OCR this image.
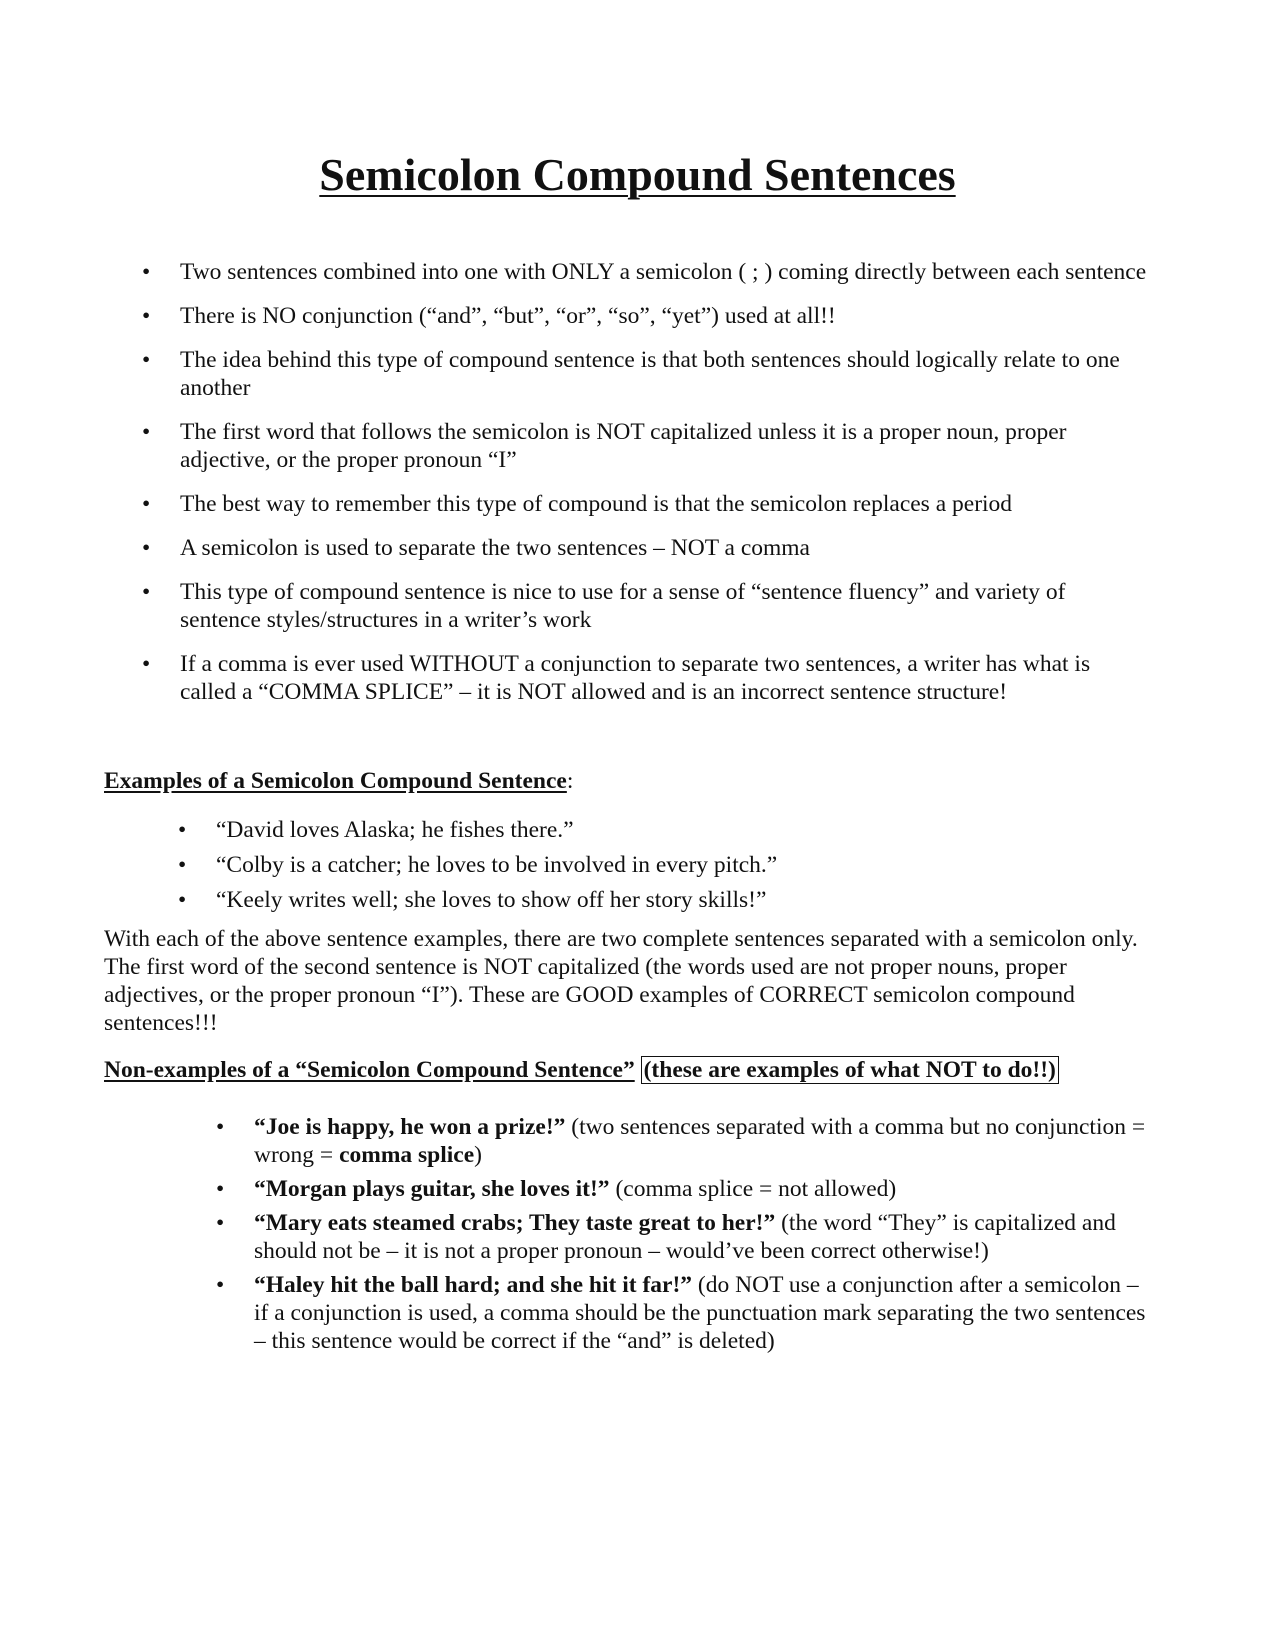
Semicolon Compound Sentences
•	Two sentences combined into one with ONLY a semicolon ( ; ) coming directly between each sentence
•	There is NO conjunction (“and”, “but”, “or”, “so”, “yet”) used at all!!
•	The idea behind this type of compound sentence is that both sentences should logically relate to one another
•	The first word that follows the semicolon is NOT capitalized unless it is a proper noun, proper adjective, or the proper pronoun “I”
•	The best way to remember this type of compound is that the semicolon replaces a period
•	A semicolon is used to separate the two sentences – NOT a comma
•	This type of compound sentence is nice to use for a sense of “sentence fluency” and variety of sentence styles/structures in a writer’s work
•	If a comma is ever used WITHOUT a conjunction to separate two sentences, a writer has what is called a “COMMA SPLICE” – it is NOT allowed and is an incorrect sentence structure!

Examples of a Semicolon Compound Sentence:

•	“David loves Alaska; he fishes there.”
•	“Colby is a catcher; he loves to be involved in every pitch.”
•	“Keely writes well; she loves to show off her story skills!”

With each of the above sentence examples, there are two complete sentences separated with a semicolon only. The first word of the second sentence is NOT capitalized (the words used are not proper nouns, proper adjectives, or the proper pronoun “I”). These are GOOD examples of CORRECT semicolon compound sentences!!!

Non-examples of a “Semicolon Compound Sentence” (these are examples of what NOT to do!!)

•	“Joe is happy, he won a prize!” (two sentences separated with a comma but no conjunction = wrong = comma splice)
•	“Morgan plays guitar, she loves it!” (comma splice = not allowed)
•	“Mary eats steamed crabs; They taste great to her!” (the word “They” is capitalized and should not be – it is not a proper pronoun – would’ve been correct otherwise!)
•	“Haley hit the ball hard; and she hit it far!” (do NOT use a conjunction after a semicolon – if a conjunction is used, a comma should be the punctuation mark separating the two sentences – this sentence would be correct if the “and” is deleted)
